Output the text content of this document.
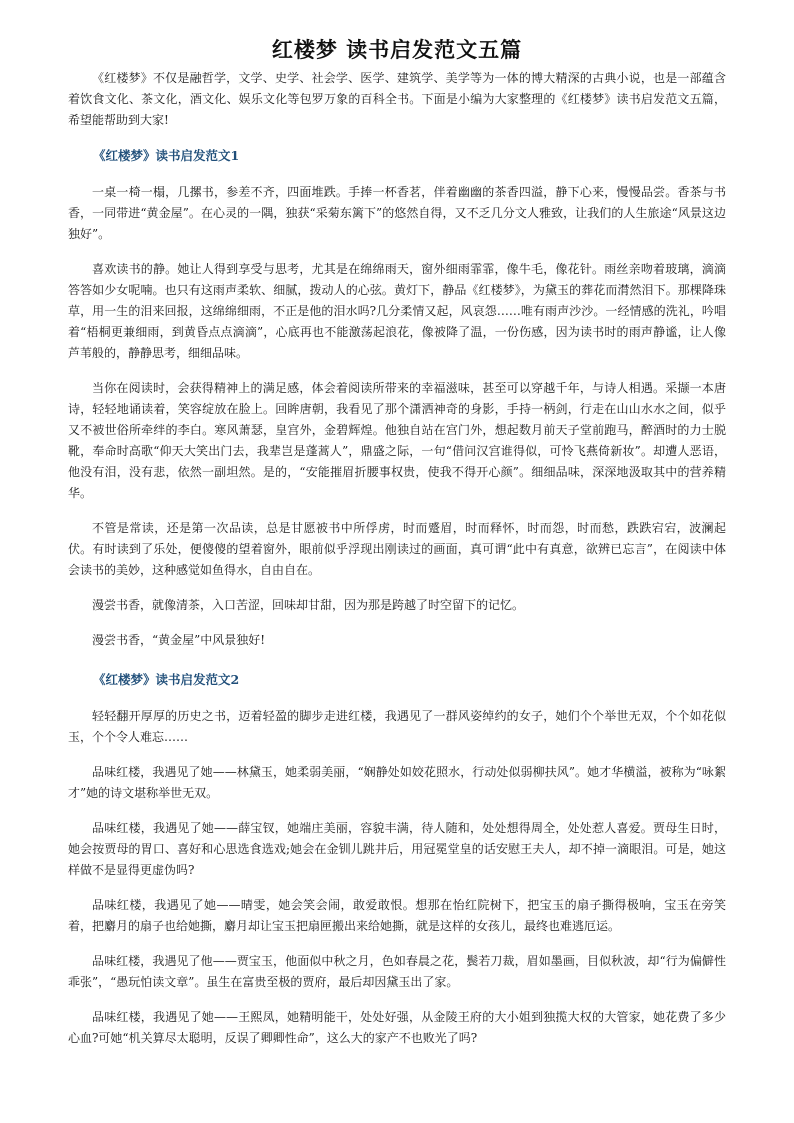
红楼梦 读书启发范文五篇

《红楼梦》不仅是融哲学，文学、史学、社会学、医学、建筑学、美学等为一体的博大精深的古典小说，也是一部蕴含着饮食文化、茶文化，酒文化、娱乐文化等包罗万象的百科全书。下面是小编为大家整理的《红楼梦》读书启发范文五篇，希望能帮助到大家!

《红楼梦》读书启发范文1

一桌一椅一榻，几摞书，参差不齐，四面堆跌。手捧一杯香茗，伴着幽幽的茶香四溢，静下心来，慢慢品尝。香茶与书香，一同带进“黄金屋”。在心灵的一隅，独获“采菊东篱下”的悠然自得，又不乏几分文人雅致，让我们的人生旅途“风景这边独好”。

喜欢读书的静。她让人得到享受与思考，尤其是在绵绵雨天，窗外细雨霏霏，像牛毛，像花针。雨丝亲吻着玻璃，滴滴答答如少女呢喃。也只有这雨声柔软、细腻，拨动人的心弦。黄灯下，静品《红楼梦》，为黛玉的葬花而潸然泪下。那棵降珠草，用一生的泪来回报，这绵绵细雨，不正是他的泪水吗?几分柔情又起，风哀怨……唯有雨声沙沙。一经情感的洗礼，吟唱着“梧桐更兼细雨，到黄昏点点滴滴”，心底再也不能激荡起浪花，像被降了温，一份伤感，因为读书时的雨声静谧，让人像芦苇般的，静静思考，细细品味。

当你在阅读时，会获得精神上的满足感，体会着阅读所带来的幸福滋味，甚至可以穿越千年，与诗人相遇。采撷一本唐诗，轻轻地诵读着，笑容绽放在脸上。回眸唐朝，我看见了那个潇洒神奇的身影，手持一柄剑，行走在山山水水之间，似乎又不被世俗所牵绊的李白。寒风萧瑟，皇宫外，金碧辉煌。他独自站在宫门外，想起数月前天子堂前跑马，醉酒时的力士脱靴，奉命时高歌“仰天大笑出门去，我辈岂是蓬蒿人”，鼎盛之际，一句“借问汉宫谁得似，可怜飞燕倚新妆”。却遭人恶语，他没有泪，没有悲，依然一副坦然。是的，“安能摧眉折腰事权贵，使我不得开心颜”。细细品味，深深地汲取其中的营养精华。

不管是常读，还是第一次品读，总是甘愿被书中所俘虏，时而蹙眉，时而释怀，时而怨，时而愁，跌跌宕宕，波澜起伏。有时读到了乐处，便傻傻的望着窗外，眼前似乎浮现出刚读过的画面，真可谓“此中有真意，欲辨已忘言”，在阅读中体会读书的美妙，这种感觉如鱼得水，自由自在。

漫尝书香，就像清茶，入口苦涩，回味却甘甜，因为那是跨越了时空留下的记忆。

漫尝书香，“黄金屋”中风景独好!

《红楼梦》读书启发范文2

轻轻翻开厚厚的历史之书，迈着轻盈的脚步走进红楼，我遇见了一群风姿绰约的女子，她们个个举世无双，个个如花似玉，个个令人难忘……

品味红楼，我遇见了她——林黛玉，她柔弱美丽，“娴静处如姣花照水，行动处似弱柳扶风”。她才华横溢，被称为“咏絮才”她的诗文堪称举世无双。

品味红楼，我遇见了她——薛宝钗，她端庄美丽，容貌丰满，待人随和，处处想得周全，处处惹人喜爱。贾母生日时，她会按贾母的胃口、喜好和心思选食选戏;她会在金钏儿跳井后，用冠冕堂皇的话安慰王夫人，却不掉一滴眼泪。可是，她这样做不是显得更虚伪吗?

品味红楼，我遇见了她——晴雯，她会笑会闹，敢爱敢恨。想那在怡红院树下，把宝玉的扇子撕得极响，宝玉在旁笑着，把麝月的扇子也给她撕，麝月却让宝玉把扇匣搬出来给她撕，就是这样的女孩儿，最终也难逃厄运。

品味红楼，我遇见了他——贾宝玉，他面似中秋之月，色如春晨之花，鬓若刀裁，眉如墨画，目似秋波，却“行为偏僻性乖张”，“愚玩怕读文章”。虽生在富贵至极的贾府，最后却因黛玉出了家。

品味红楼，我遇见了她——王熙凤，她精明能干，处处好强，从金陵王府的大小姐到独揽大权的大管家，她花费了多少心血?可她“机关算尽太聪明，反误了卿卿性命”，这么大的家产不也败光了吗?
